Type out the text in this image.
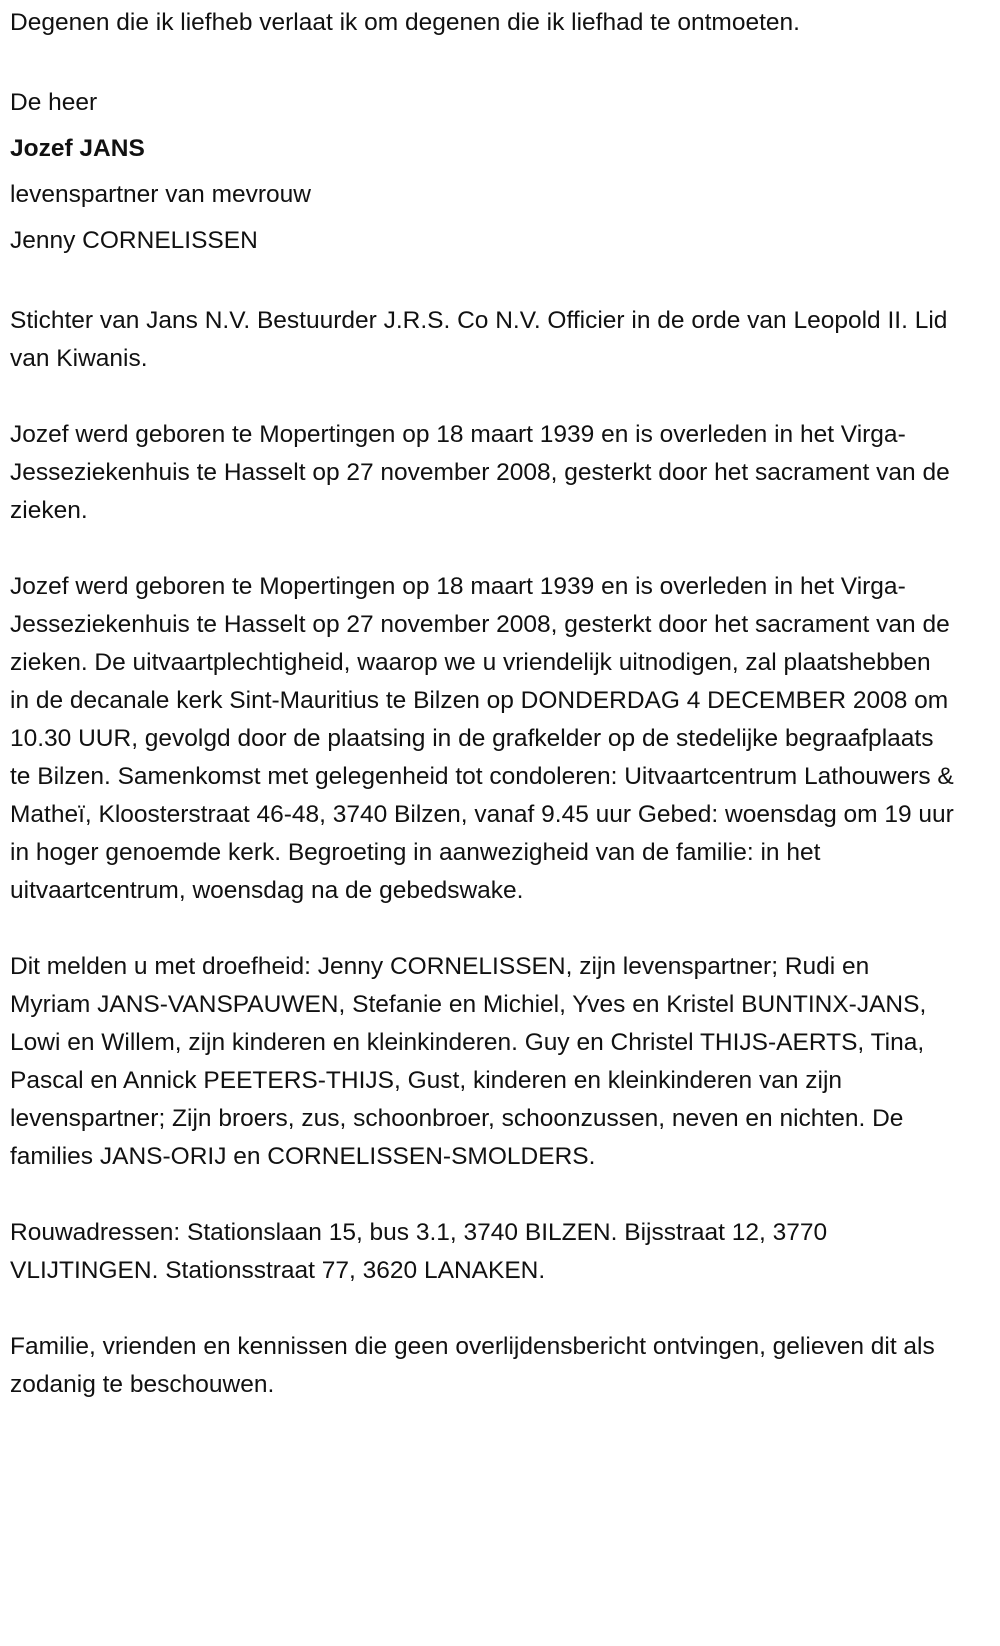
Degenen die ik liefheb verlaat ik om degenen die ik liefhad te ontmoeten.

De heer
Jozef JANS
levenspartner van mevrouw
Jenny CORNELISSEN

Stichter van Jans N.V. Bestuurder J.R.S. Co N.V. Officier in de orde van Leopold II. Lid van Kiwanis.

Jozef werd geboren te Mopertingen op 18 maart 1939 en is overleden in het Virga-Jesseziekenhuis te Hasselt op 27 november 2008, gesterkt door het sacrament van de zieken.

Jozef werd geboren te Mopertingen op 18 maart 1939 en is overleden in het Virga-Jesseziekenhuis te Hasselt op 27 november 2008, gesterkt door het sacrament van de zieken. De uitvaartplechtigheid, waarop we u vriendelijk uitnodigen, zal plaatshebben in de decanale kerk Sint-Mauritius te Bilzen op DONDERDAG 4 DECEMBER 2008 om 10.30 UUR, gevolgd door de plaatsing in de grafkelder op de stedelijke begraafplaats te Bilzen. Samenkomst met gelegenheid tot condoleren: Uitvaartcentrum Lathouwers & Matheï, Kloosterstraat 46-48, 3740 Bilzen, vanaf 9.45 uur Gebed: woensdag om 19 uur in hoger genoemde kerk. Begroeting in aanwezigheid van de familie: in het uitvaartcentrum, woensdag na de gebedswake.

Dit melden u met droefheid: Jenny CORNELISSEN, zijn levenspartner; Rudi en Myriam JANS-VANSPAUWEN, Stefanie en Michiel, Yves en Kristel BUNTINX-JANS, Lowi en Willem, zijn kinderen en kleinkinderen. Guy en Christel THIJS-AERTS, Tina, Pascal en Annick PEETERS-THIJS, Gust, kinderen en kleinkinderen van zijn levenspartner; Zijn broers, zus, schoonbroer, schoonzussen, neven en nichten. De families JANS-ORIJ en CORNELISSEN-SMOLDERS.

Rouwadressen: Stationslaan 15, bus 3.1, 3740 BILZEN. Bijsstraat 12, 3770 VLIJTINGEN. Stationsstraat 77, 3620 LANAKEN.

Familie, vrienden en kennissen die geen overlijdensbericht ontvingen, gelieven dit als zodanig te beschouwen.
